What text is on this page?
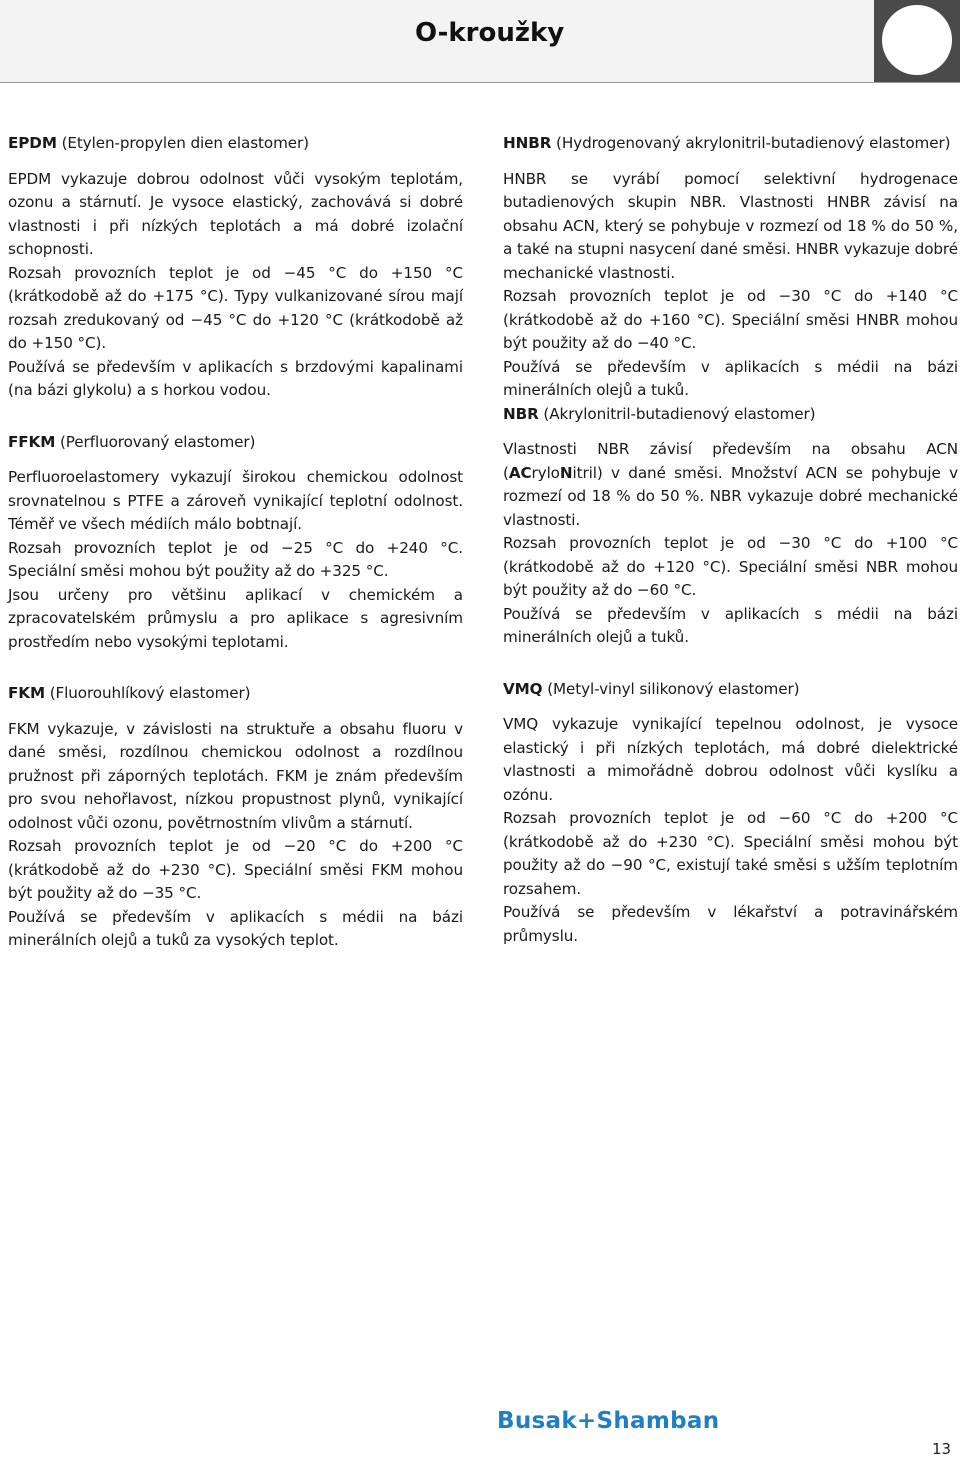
O-kroužky

EPDM (Etylen-propylen dien elastomer)

EPDM vykazuje dobrou odolnost vůči vysokým teplotám, ozonu a stárnutí. Je vysoce elastický, zachovává si dobré vlastnosti i při nízkých teplotách a má dobré izolační schopnosti.

Rozsah provozních teplot je od −45 °C do +150 °C (krátkodobě až do +175 °C). Typy vulkanizované sírou mají rozsah zredukovaný od −45 °C do +120 °C (krátkodobě až do +150 °C).

Používá se především v aplikacích s brzdovými kapalinami (na bázi glykolu) a s horkou vodou.

FFKM (Perfluorovaný elastomer)

Perfluoroelastomery vykazují širokou chemickou odolnost srovnatelnou s PTFE a zároveň vynikající teplotní odolnost. Téměř ve všech médiích málo bobtnají.

Rozsah provozních teplot je od −25 °C do +240 °C. Speciální směsi mohou být použity až do +325 °C.

Jsou určeny pro většinu aplikací v chemickém a zpracovatelském průmyslu a pro aplikace s agresivním prostředím nebo vysokými teplotami.

FKM (Fluorouhlíkový elastomer)

FKM vykazuje, v závislosti na struktuře a obsahu fluoru v dané směsi, rozdílnou chemickou odolnost a rozdílnou pružnost při záporných teplotách. FKM je znám především pro svou nehořlavost, nízkou propustnost plynů, vynikající odolnost vůči ozonu, povětrnostním vlivům a stárnutí.

Rozsah provozních teplot je od −20 °C do +200 °C (krátkodobě až do +230 °C). Speciální směsi FKM mohou být použity až do −35 °C.

Používá se především v aplikacích s médii na bázi minerálních olejů a tuků za vysokých teplot.

HNBR (Hydrogenovaný akrylonitril-butadienový elastomer)

HNBR se vyrábí pomocí selektivní hydrogenace butadienových skupin NBR. Vlastnosti HNBR závisí na obsahu ACN, který se pohybuje v rozmezí od 18 % do 50 %, a také na stupni nasycení dané směsi. HNBR vykazuje dobré mechanické vlastnosti.

Rozsah provozních teplot je od −30 °C do +140 °C (krátkodobě až do +160 °C). Speciální směsi HNBR mohou být použity až do −40 °C.

Používá se především v aplikacích s médii na bázi minerálních olejů a tuků.

NBR (Akrylonitril-butadienový elastomer)

Vlastnosti NBR závisí především na obsahu ACN (ACryloNitril) v dané směsi. Množství ACN se pohybuje v rozmezí od 18 % do 50 %. NBR vykazuje dobré mechanické vlastnosti.

Rozsah provozních teplot je od −30 °C do +100 °C (krátkodobě až do +120 °C). Speciální směsi NBR mohou být použity až do −60 °C.

Používá se především v aplikacích s médii na bázi minerálních olejů a tuků.

VMQ (Metyl-vinyl silikonový elastomer)

VMQ vykazuje vynikající tepelnou odolnost, je vysoce elastický i při nízkých teplotách, má dobré dielektrické vlastnosti a mimořádně dobrou odolnost vůči kyslíku a ozónu.

Rozsah provozních teplot je od −60 °C do +200 °C (krátkodobě až do +230 °C). Speciální směsi mohou být použity až do −90 °C, existují také směsi s užším teplotním rozsahem.

Používá se především v lékařství a potravinářském průmyslu.

Busak+Shamban
13
